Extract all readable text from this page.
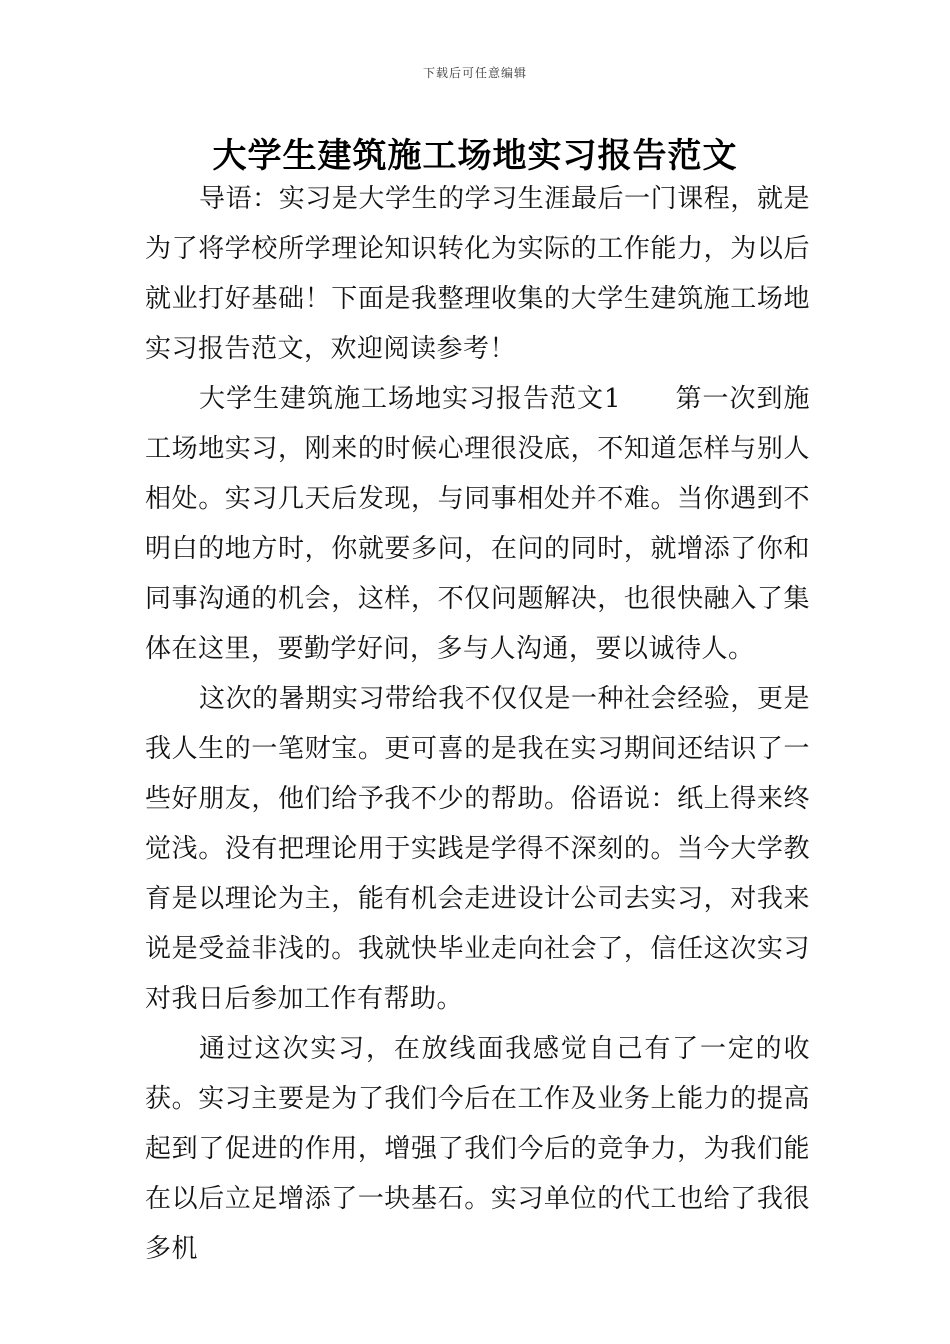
下载后可任意编辑
大学生建筑施工场地实习报告范文

导语：实习是大学生的学习生涯最后一门课程，就是为了将学校所学理论知识转化为实际的工作能力，为以后就业打好基础！下面是我整理收集的大学生建筑施工场地实习报告范文，欢迎阅读参考！

大学生建筑施工场地实习报告范文1　　第一次到施工场地实习，刚来的时候心理很没底，不知道怎样与别人相处。实习几天后发现，与同事相处并不难。当你遇到不明白的地方时，你就要多问，在问的同时，就增添了你和同事沟通的机会，这样，不仅问题解决，也很快融入了集体在这里，要勤学好问，多与人沟通，要以诚待人。

这次的暑期实习带给我不仅仅是一种社会经验，更是我人生的一笔财宝。更可喜的是我在实习期间还结识了一些好朋友，他们给予我不少的帮助。俗语说：纸上得来终觉浅。没有把理论用于实践是学得不深刻的。当今大学教育是以理论为主，能有机会走进设计公司去实习，对我来说是受益非浅的。我就快毕业走向社会了，信任这次实习对我日后参加工作有帮助。

通过这次实习，在放线面我感觉自己有了一定的收获。实习主要是为了我们今后在工作及业务上能力的提高起到了促进的作用，增强了我们今后的竞争力，为我们能在以后立足增添了一块基石。实习单位的代工也给了我很多机
